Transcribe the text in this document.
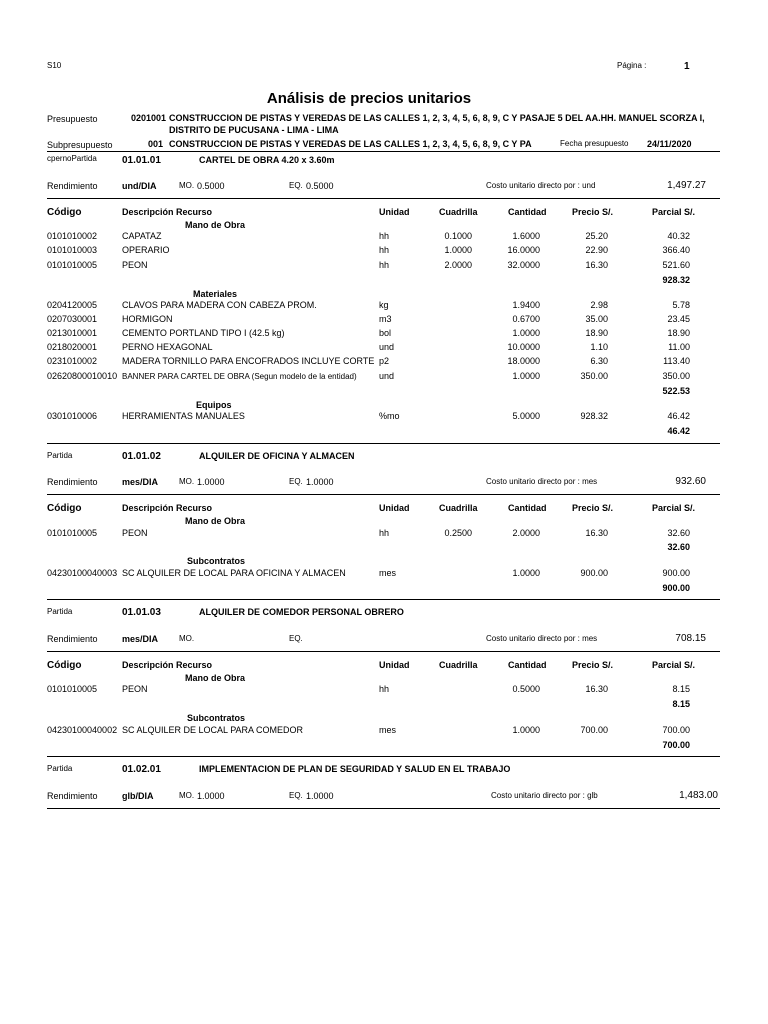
S10	Página :	1
Análisis de precios unitarios
Presupuesto	0201001 CONSTRUCCION DE PISTAS Y VEREDAS DE LAS CALLES 1, 2, 3, 4, 5, 6, 8, 9, C Y PASAJE 5 DEL AA.HH. MANUEL SCORZA I,
DISTRITO DE PUCUSANA - LIMA - LIMA
Subpresupuesto	001 CONSTRUCCION DE PISTAS Y VEREDAS DE LAS CALLES 1, 2, 3, 4, 5, 6, 8, 9, C Y PA	Fecha presupuesto 24/11/2020
cpernoPartida	01.01.01	CARTEL DE OBRA 4.20 x 3.60m
Rendimiento	und/DIA	MO. 0.5000	EQ. 0.5000	Costo unitario directo por : und	1,497.27
Código	Descripción Recurso	Unidad	Cuadrilla	Cantidad	Precio S/.	Parcial S/.
Mano de Obra
0101010002	CAPATAZ	hh	0.1000	1.6000	25.20	40.32
0101010003	OPERARIO	hh	1.0000	16.0000	22.90	366.40
0101010005	PEON	hh	2.0000	32.0000	16.30	521.60
928.32
Materiales
0204120005	CLAVOS PARA MADERA CON CABEZA PROM.	kg	1.9400	2.98	5.78
0207030001	HORMIGON	m3	0.6700	35.00	23.45
0213010001	CEMENTO PORTLAND TIPO I (42.5 kg)	bol	1.0000	18.90	18.90
0218020001	PERNO HEXAGONAL	und	10.0000	1.10	11.00
0231010002	MADERA TORNILLO PARA ENCOFRADOS INCLUYE CORTE p2	18.0000	6.30	113.40
02620800010010 BANNER PARA CARTEL DE OBRA (Segun modelo de la entidad) und	1.0000	350.00	350.00
522.53
Equipos
0301010006	HERRAMIENTAS MANUALES	%mo	5.0000	928.32	46.42
46.42
Partida	01.01.02	ALQUILER DE OFICINA Y ALMACEN
Rendimiento	mes/DIA	MO. 1.0000	EQ. 1.0000	Costo unitario directo por : mes	932.60
Código	Descripción Recurso	Unidad	Cuadrilla	Cantidad	Precio S/.	Parcial S/.
Mano de Obra
0101010005	PEON	hh	0.2500	2.0000	16.30	32.60
32.60
Subcontratos
04230100040003 SC ALQUILER DE LOCAL PARA OFICINA Y ALMACEN	mes	1.0000	900.00	900.00
900.00
Partida	01.01.03	ALQUILER DE COMEDOR PERSONAL OBRERO
Rendimiento	mes/DIA	MO.	EQ.	Costo unitario directo por : mes	708.15
Código	Descripción Recurso	Unidad	Cuadrilla	Cantidad	Precio S/.	Parcial S/.
Mano de Obra
0101010005	PEON	hh	0.5000	16.30	8.15
8.15
Subcontratos
04230100040002 SC ALQUILER DE LOCAL PARA COMEDOR	mes	1.0000	700.00	700.00
700.00
Partida	01.02.01	IMPLEMENTACION DE PLAN DE SEGURIDAD Y SALUD EN EL TRABAJO
Rendimiento	glb/DIA	MO. 1.0000	EQ. 1.0000	Costo unitario directo por : glb	1,483.00
